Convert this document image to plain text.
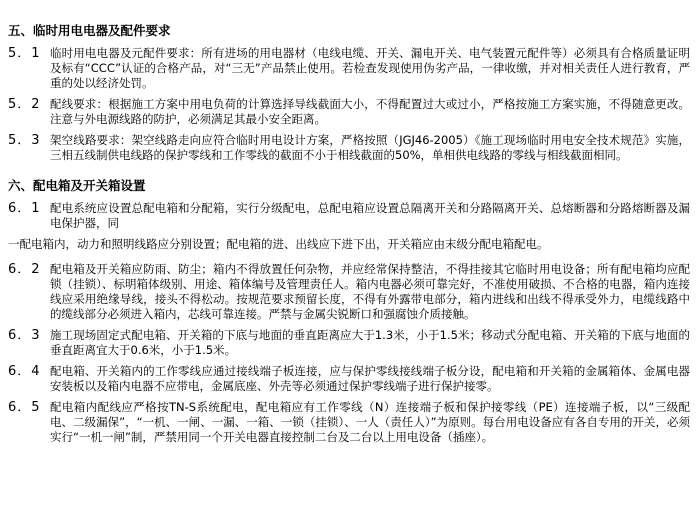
五、临时用电电器及配件要求
5．1 临时用电电器及元配件要求：所有进场的用电器材（电线电缆、开关、漏电开关、电气装置元配件等）必须具有合格质量证明及标有“CCC”认证的合格产品，对“三无”产品禁止使用。若检查发现使用伪劣产品，一律收缴，并对相关责任人进行教育，严重的处以经济处罚。
5．2 配线要求：根据施工方案中用电负荷的计算选择导线截面大小，不得配置过大或过小，严格按施工方案实施，不得随意更改。注意与外电源线路的防护，必须满足其最小安全距离。
5．3 架空线路要求：架空线路走向应符合临时用电设计方案，严格按照（JGJ46-2005）《施工现场临时用电安全技术规范》实施，三相五线制供电线路的保护零线和工作零线的截面不小于相线截面的50%，单相供电线路的零线与相线截面相同。
六、配电箱及开关箱设置
6．1 配电系统应设置总配电箱和分配箱，实行分级配电，总配电箱应设置总隔离开关和分路隔离开关、总熔断器和分路熔断器及漏电保护器，同
一配电箱内，动力和照明线路应分别设置；配电箱的进、出线应下进下出，开关箱应由末级分配电箱配电。
6．2 配电箱及开关箱应防雨、防尘；箱内不得放置任何杂物，并应经常保持整洁，不得挂接其它临时用电设备；所有配电箱均应配锁（挂锁）、标明箱体级别、用途、箱体编号及管理责任人。箱内电器必须可靠完好，不准使用破损、不合格的电器，箱内连接线应采用绝缘导线，接头不得松动。按规范要求预留长度，不得有外露带电部分，箱内进线和出线不得承受外力，电缆线路中的缆线部分必须进入箱内，芯线可靠连接。严禁与金属尖锐断口和强腐蚀介质接触。
6．3 施工现场固定式配电箱、开关箱的下底与地面的垂直距离应大于1.3米，小于1.5米；移动式分配电箱、开关箱的下底与地面的垂直距离宜大于0.6米，小于1.5米。
6．4 配电箱、开关箱内的工作零线应通过接线端子板连接，应与保护零线接线端子板分设，配电箱和开关箱的金属箱体、金属电器安装板以及箱内电器不应带电，金属底座、外壳等必须通过保护零线端子进行保护接零。
6．5 配电箱内配线应严格按TN-S系统配电，配电箱应有工作零线（N）连接端子板和保护接零线（PE）连接端子板，以“三级配电、二级漏保”，“一机、一闸、一漏、一箱、一锁（挂锁）、一人（责任人）”为原则。每台用电设备应有各自专用的开关，必须实行“一机一闸”制，严禁用同一个开关电器直接控制二台及二台以上用电设备（插座）。
